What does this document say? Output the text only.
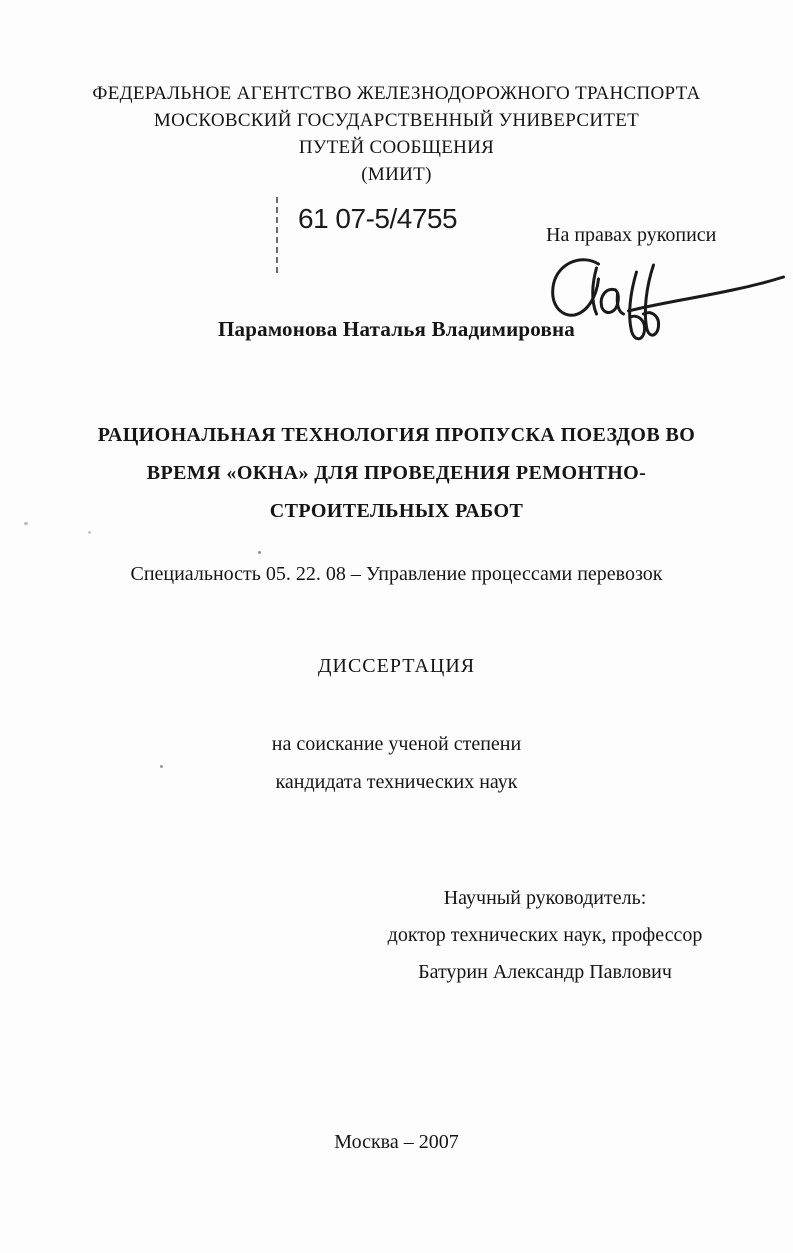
ФЕДЕРАЛЬНОЕ АГЕНТСТВО ЖЕЛЕЗНОДОРОЖНОГО ТРАНСПОРТА
МОСКОВСКИЙ ГОСУДАРСТВЕННЫЙ УНИВЕРСИТЕТ
ПУТЕЙ СООБЩЕНИЯ
(МИИТ)
61 07-5/4755
На правах рукописи
Парамонова Наталья Владимировна
РАЦИОНАЛЬНАЯ ТЕХНОЛОГИЯ ПРОПУСКА ПОЕЗДОВ ВО
ВРЕМЯ «ОКНА» ДЛЯ ПРОВЕДЕНИЯ РЕМОНТНО-
СТРОИТЕЛЬНЫХ РАБОТ
Специальность 05. 22. 08 – Управление процессами перевозок
ДИССЕРТАЦИЯ
на соискание ученой степени
кандидата технических наук
Научный руководитель:
доктор технических наук, профессор
Батурин Александр Павлович
Москва – 2007
